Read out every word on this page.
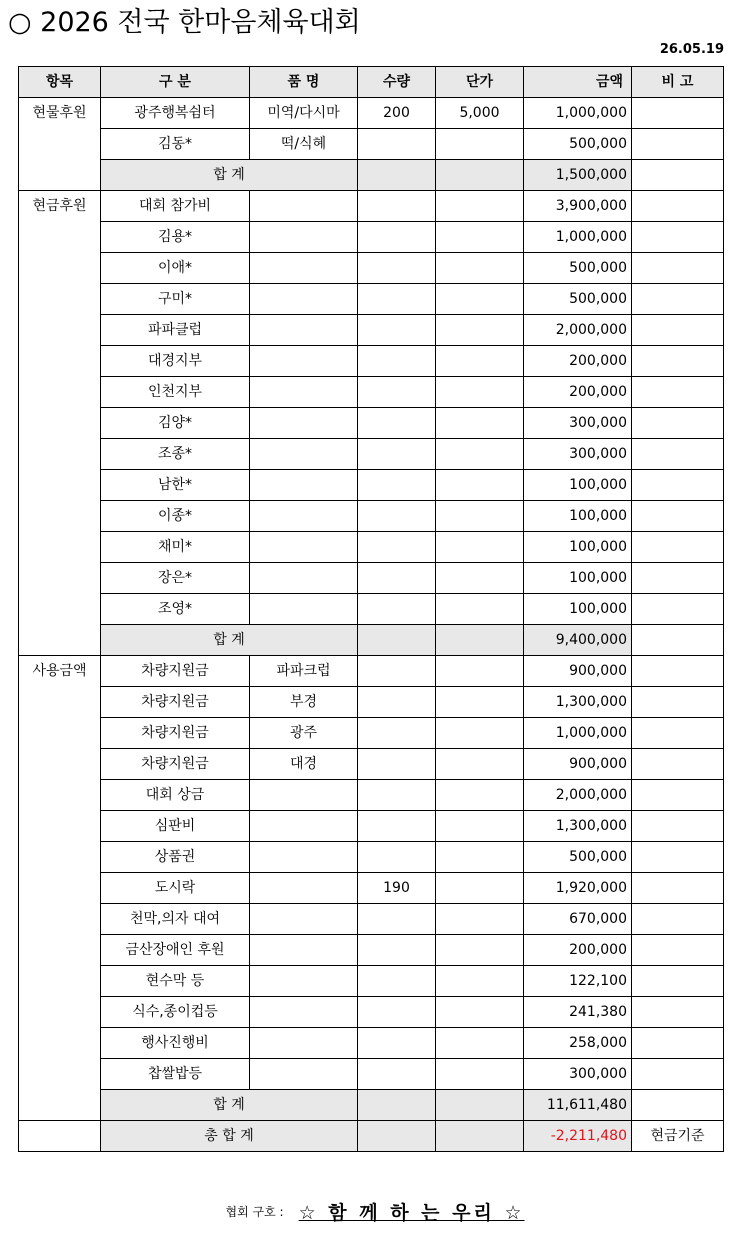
○ 2026 전국 한마음체육대회
26.05.19
항목	구 분	품 명	수량	단가	금액	비 고
현물후원	광주행복쉼터	미역/다시마	200	5,000	1,000,000	
	김동*	떡/식혜			500,000	
	합 계				1,500,000	
현금후원	대회 참가비				3,900,000	
	김용*				1,000,000	
	이애*				500,000	
	구미*				500,000	
	파파클럽				2,000,000	
	대경지부				200,000	
	인천지부				200,000	
	김양*				300,000	
	조종*				300,000	
	남한*				100,000	
	이종*				100,000	
	채미*				100,000	
	장은*				100,000	
	조영*				100,000	
	합 계				9,400,000	
사용금액	차량지원금	파파크럽			900,000	
	차량지원금	부경			1,300,000	
	차량지원금	광주			1,000,000	
	차량지원금	대경			900,000	
	대회 상금				2,000,000	
	심판비				1,300,000	
	상품권				500,000	
	도시락		190		1,920,000	
	천막,의자 대여				670,000	
	금산장애인 후원				200,000	
	현수막 등				122,100	
	식수,종이컵등				241,380	
	행사진행비				258,000	
	찹쌀밥등				300,000	
	합 계				11,611,480	
	총 합 계				-2,211,480	현금기준
협회 구호 : ☆ 함 께 하 는 우리 ☆
